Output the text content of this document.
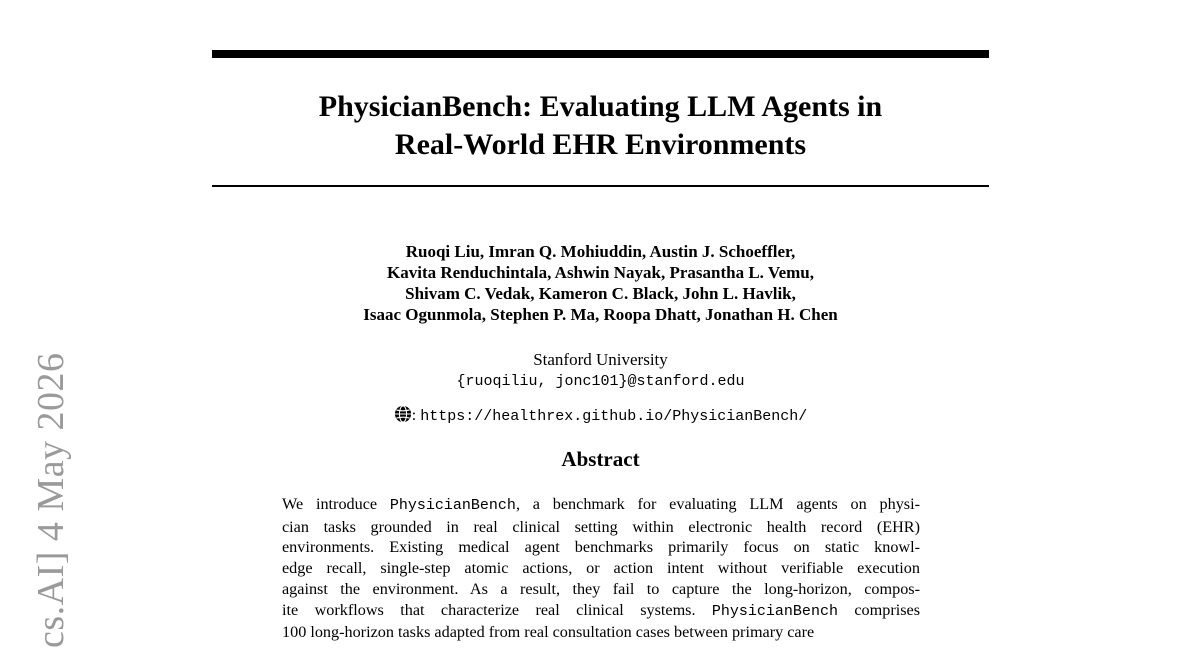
cs.AI] 4 May 2026
PhysicianBench: Evaluating LLM Agents in
Real-World EHR Environments
Ruoqi Liu, Imran Q. Mohiuddin, Austin J. Schoeffler,
Kavita Renduchintala, Ashwin Nayak, Prasantha L. Vemu,
Shivam C. Vedak, Kameron C. Black, John L. Havlik,
Isaac Ogunmola, Stephen P. Ma, Roopa Dhatt, Jonathan H. Chen
Stanford University
{ruoqiliu, jonc101}@stanford.edu
: https://healthrex.github.io/PhysicianBench/
Abstract
We introduce PhysicianBench, a benchmark for evaluating LLM agents on physi-
cian tasks grounded in real clinical setting within electronic health record (EHR)
environments. Existing medical agent benchmarks primarily focus on static knowl-
edge recall, single-step atomic actions, or action intent without verifiable execution
against the environment. As a result, they fail to capture the long-horizon, compos-
ite workflows that characterize real clinical systems. PhysicianBench comprises
100 long-horizon tasks adapted from real consultation cases between primary care
